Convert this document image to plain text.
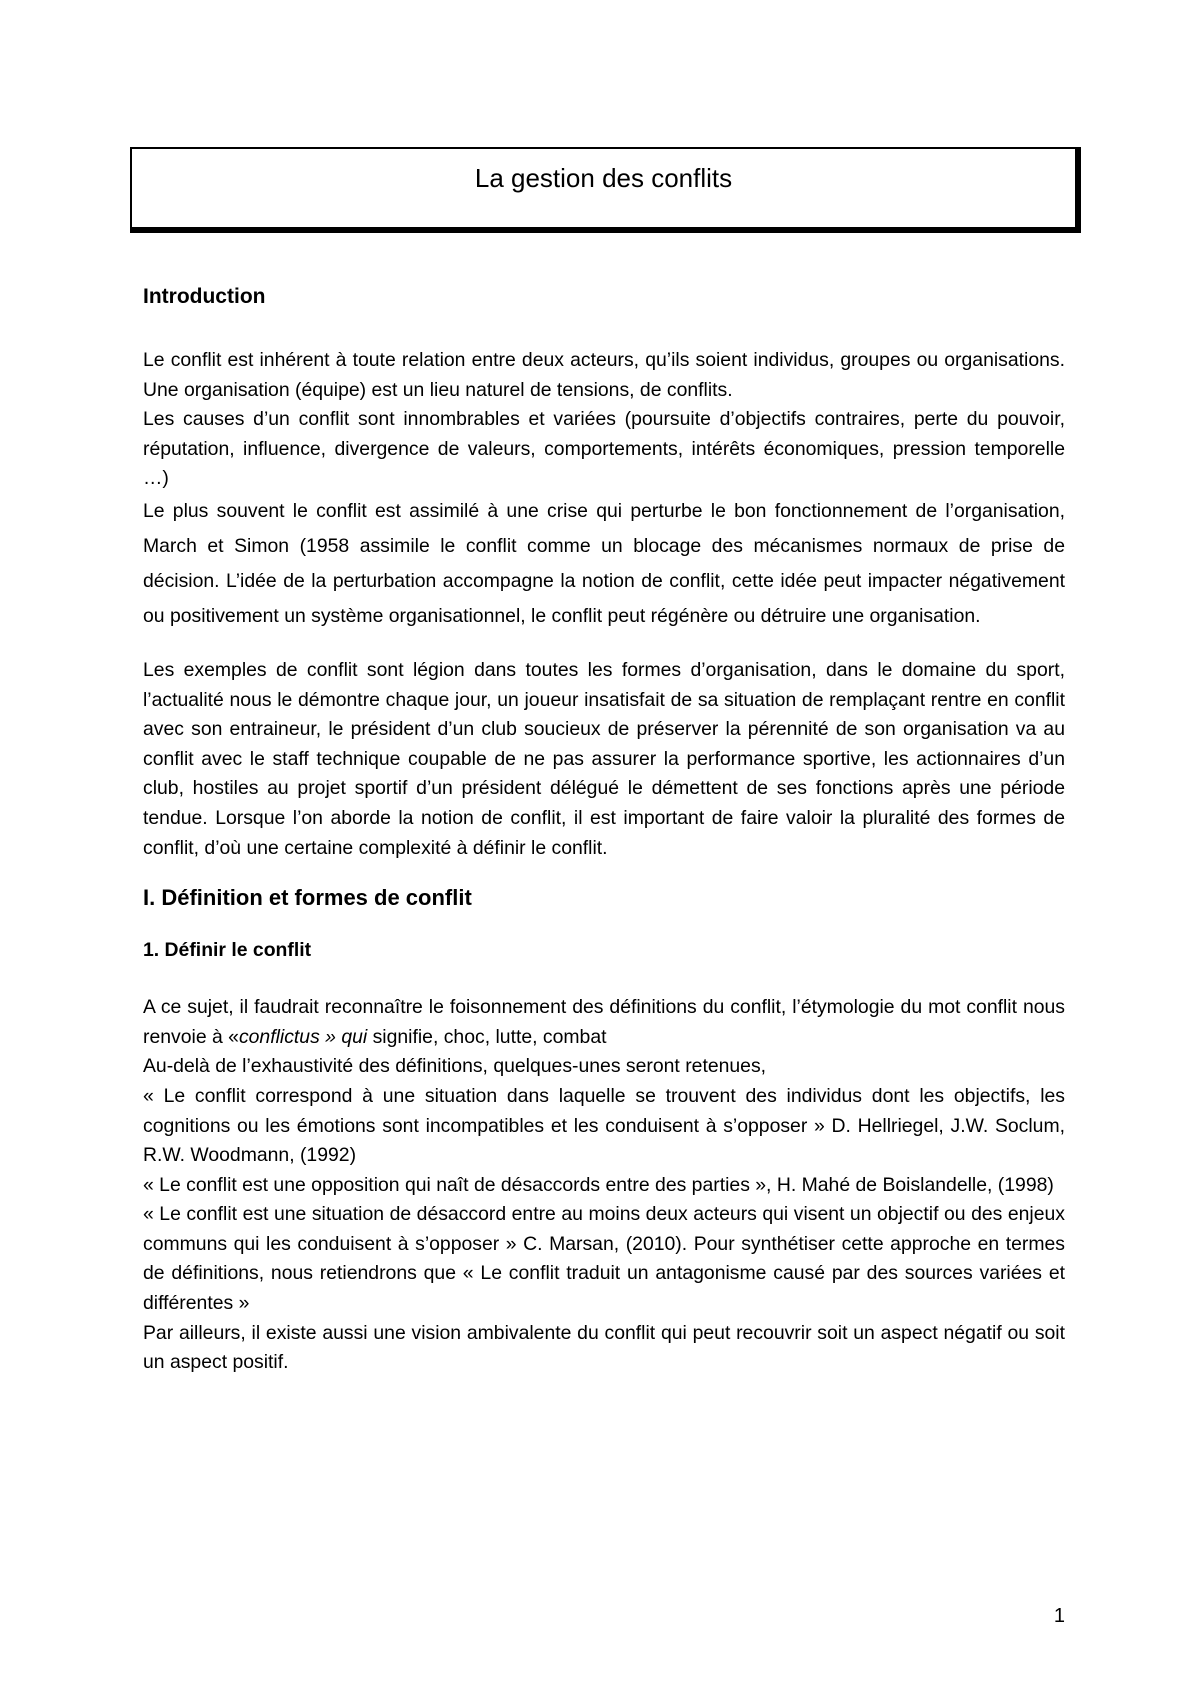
La gestion des conflits
Introduction

Le conflit est inhérent à toute relation entre deux acteurs, qu’ils soient individus, groupes ou organisations. Une organisation (équipe) est un lieu naturel de tensions, de conflits.

Les causes d’un conflit sont innombrables et variées (poursuite d’objectifs contraires, perte du pouvoir, réputation, influence, divergence de valeurs, comportements, intérêts économiques, pression temporelle …)

Le plus souvent le conflit est assimilé à une crise qui perturbe le bon fonctionnement de l’organisation, March et Simon (1958 assimile le conflit comme un blocage des mécanismes normaux de prise de décision. L’idée de la perturbation accompagne la notion de conflit, cette idée peut impacter négativement ou positivement un système organisationnel, le conflit peut régénère ou détruire une organisation.

Les exemples de conflit sont légion dans toutes les formes d’organisation, dans le domaine du sport, l’actualité nous le démontre chaque jour, un joueur insatisfait de sa situation de remplaçant rentre en conflit avec son entraineur, le président d’un club soucieux de préserver la pérennité de son organisation va au conflit avec le staff technique coupable de ne pas assurer la performance sportive, les actionnaires d’un club, hostiles au projet sportif d’un président délégué le démettent de ses fonctions après une période tendue. Lorsque l’on aborde la notion de conflit, il est important de faire valoir la pluralité des formes de conflit, d’où une certaine complexité à définir le conflit.

I. Définition et formes de conflit
1. Définir le conflit

A ce sujet, il faudrait reconnaître le foisonnement des définitions du conflit, l’étymologie du mot conflit nous renvoie à «conflictus » qui signifie, choc, lutte, combat

Au-delà de l’exhaustivité des définitions, quelques-unes seront retenues,

« Le conflit correspond à une situation dans laquelle se trouvent des individus dont les objectifs, les cognitions ou les émotions sont incompatibles et les conduisent à s’opposer » D. Hellriegel, J.W. Soclum, R.W. Woodmann, (1992)

« Le conflit est une opposition qui naît de désaccords entre des parties », H. Mahé de Boislandelle, (1998)

« Le conflit est une situation de désaccord entre au moins deux acteurs qui visent un objectif ou des enjeux communs qui les conduisent à s’opposer » C. Marsan, (2010). Pour synthétiser cette approche en termes de définitions, nous retiendrons que « Le conflit traduit un antagonisme causé par des sources variées et différentes »

Par ailleurs, il existe aussi une vision ambivalente du conflit qui peut recouvrir soit un aspect négatif ou soit un aspect positif.

1
